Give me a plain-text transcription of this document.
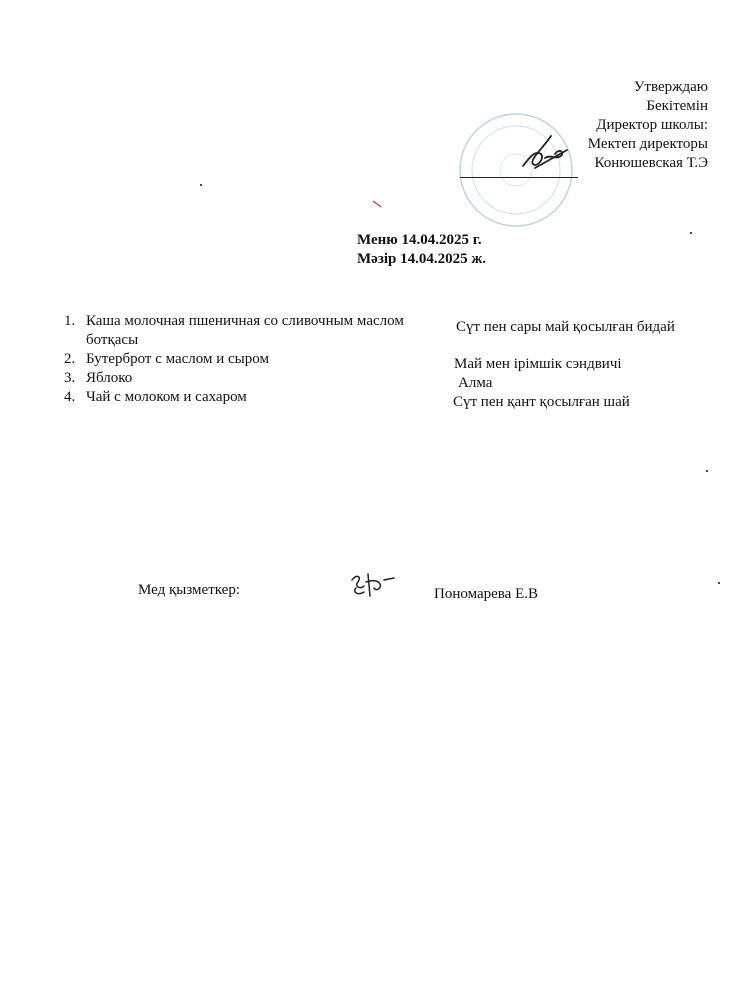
Утверждаю
Бекітемін
Директор школы:
Мектеп директоры
Конюшевская Т.Э
Меню 14.04.2025 г.
Мәзір 14.04.2025 ж.
1. Каша молочная пшеничная со сливочным маслом	Сүт пен сары май қосылған бидай
ботқасы
2. Бутерброт с маслом и сыром	Май мен ірімшік сэндвичі
3. Яблоко	Алма
4. Чай с молоком и сахаром	Сүт пен қант қосылған шай
Мед қызметкер:	Пономарева Е.В
